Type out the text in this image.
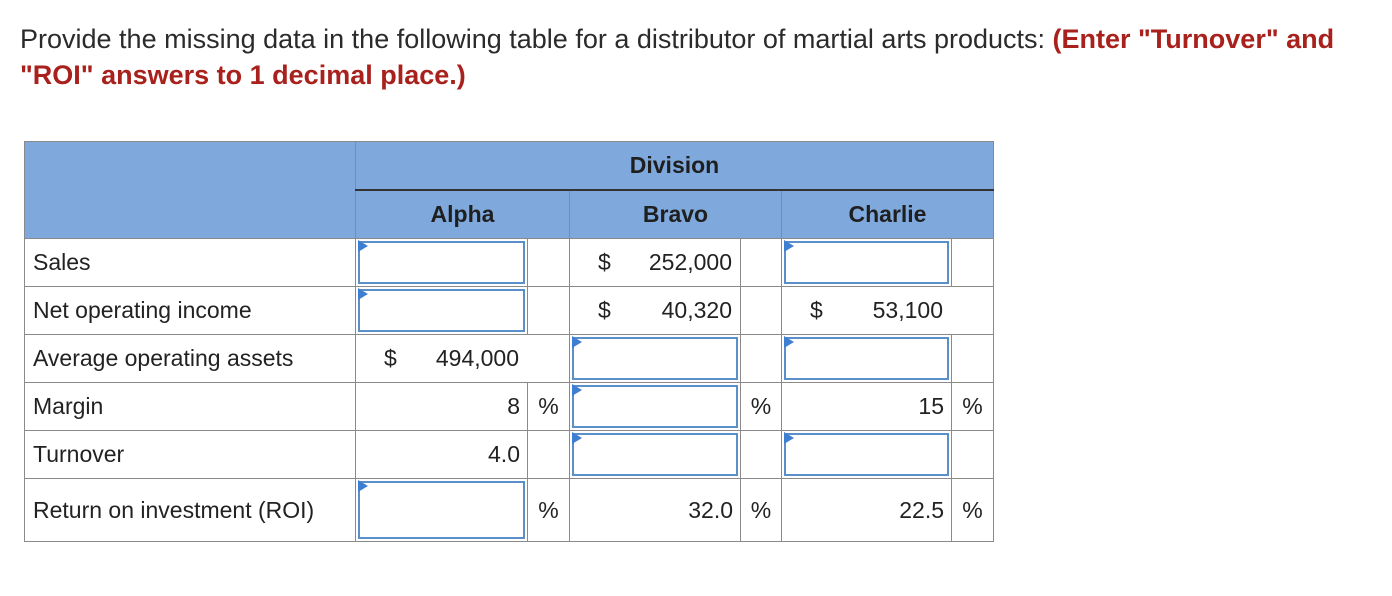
Provide the missing data in the following table for a distributor of martial arts products: (Enter "Turnover" and "ROI" answers to 1 decimal place.)
	Division					
	Alpha		Bravo		Charlie	
Sales			$ 252,000			

Net operating income			$ 40,320		$ 53,100	

Average operating assets	$ 494,000					

Margin	8	%		%	15	%
Turnover	4.0		

Return on investment (ROI)		%	32.0	%	22.5	%
